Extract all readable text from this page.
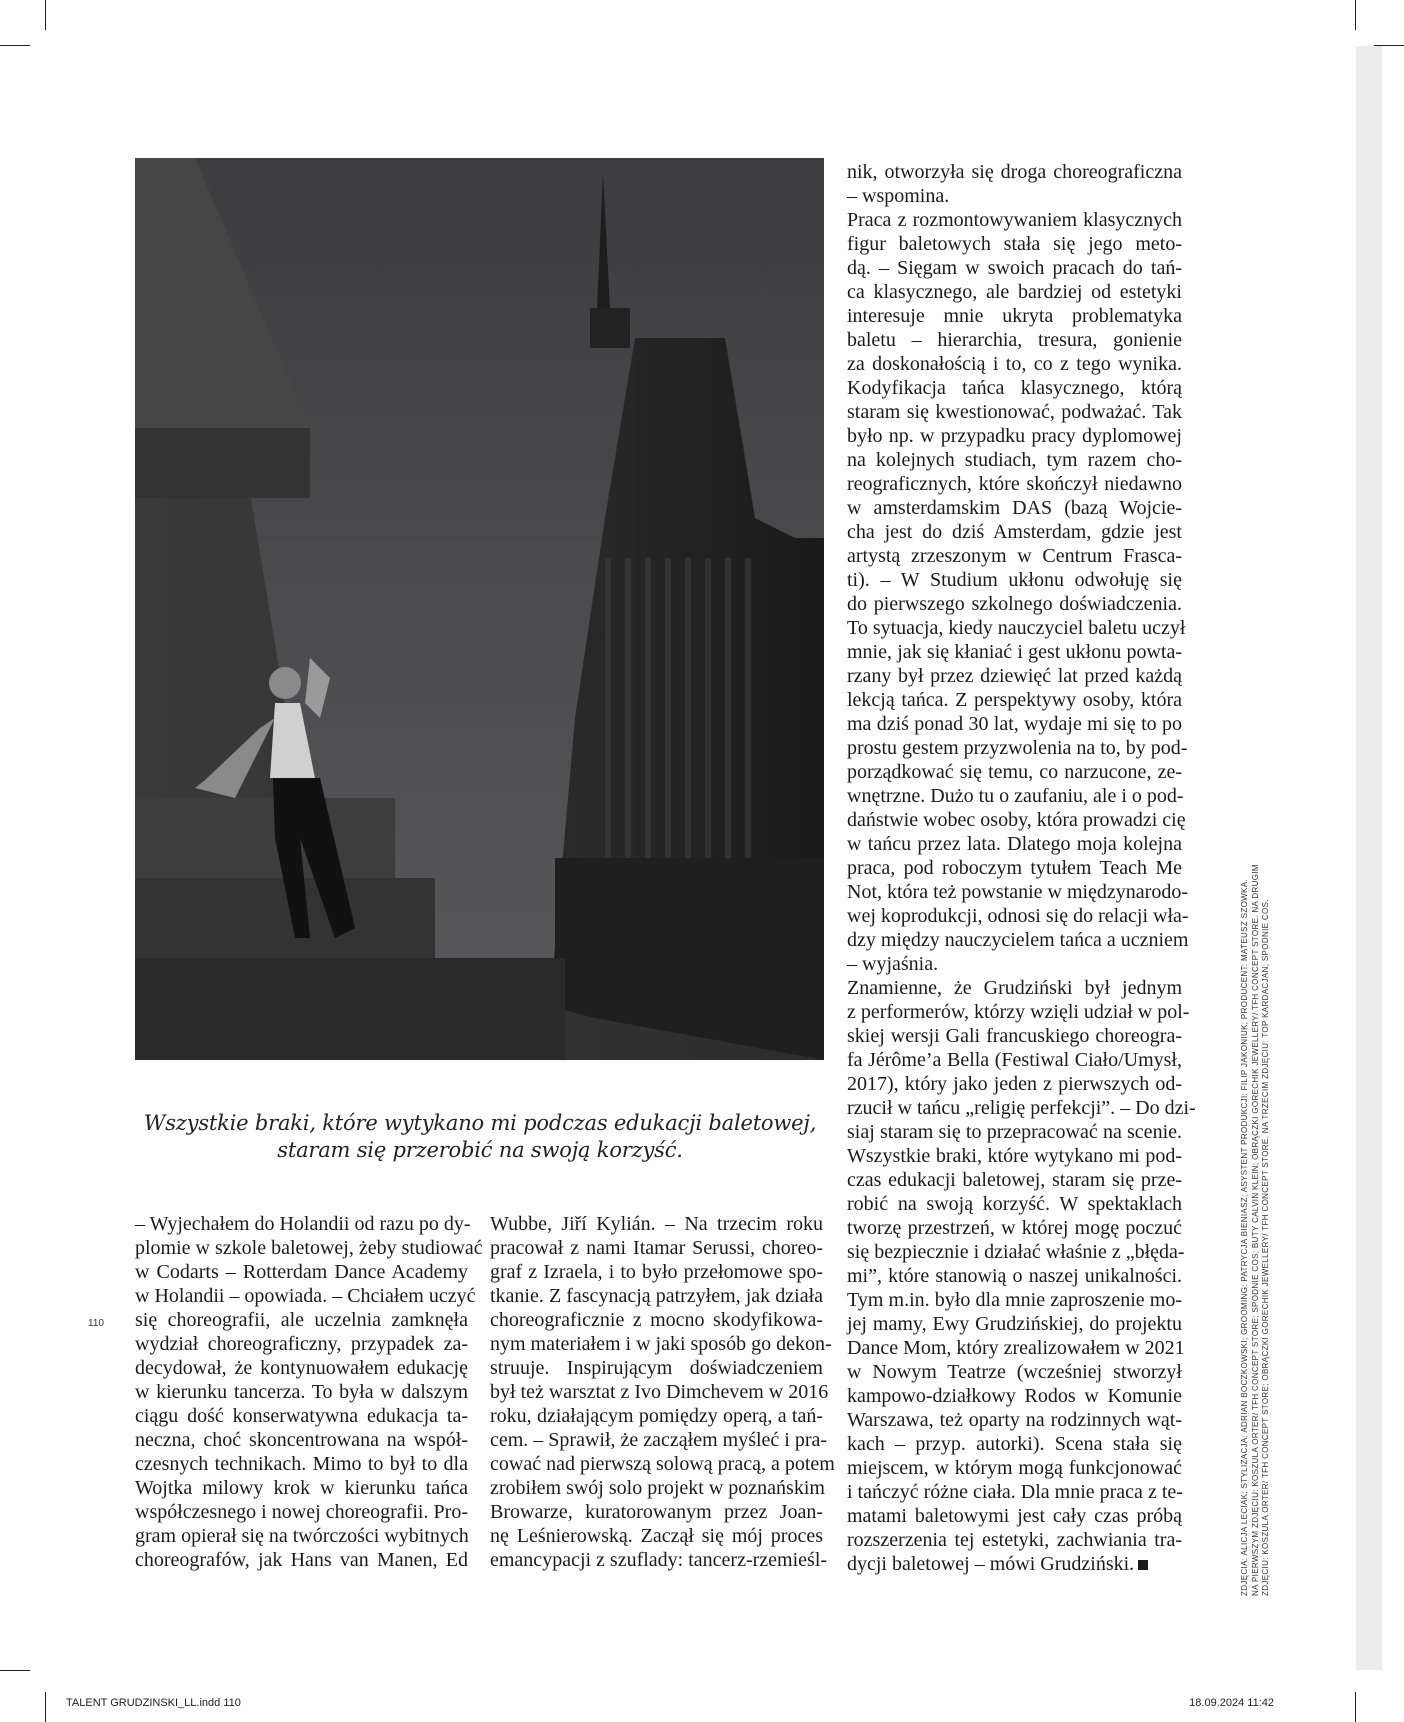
Wszystkie braki, które wytykano mi podczas edukacji baletowej,
staram się przerobić na swoją korzyść.
– Wyjechałem do Holandii od razu po dy-
plomie w szkole baletowej, żeby studiować
w Codarts – Rotterdam Dance Academy
w Holandii – opowiada. – Chciałem uczyć
się choreografii, ale uczelnia zamknęła
wydział choreograficzny, przypadek za-
decydował, że kontynuowałem edukację
w kierunku tancerza. To była w dalszym
ciągu dość konserwatywna edukacja ta-
neczna, choć skoncentrowana na współ-
czesnych technikach. Mimo to był to dla
Wojtka milowy krok w kierunku tańca
współczesnego i nowej choreografii. Pro-
gram opierał się na twórczości wybitnych
choreografów, jak Hans van Manen, Ed
Wubbe, Jiří Kylián. – Na trzecim roku
pracował z nami Itamar Serussi, choreo-
graf z Izraela, i to było przełomowe spo-
tkanie. Z fascynacją patrzyłem, jak działa
choreograficznie z mocno skodyfikowa-
nym materiałem i w jaki sposób go dekon-
struuje. Inspirującym doświadczeniem
był też warsztat z Ivo Dimchevem w 2016
roku, działającym pomiędzy operą, a tań-
cem. – Sprawił, że zacząłem myśleć i pra-
cować nad pierwszą solową pracą, a potem
zrobiłem swój solo projekt w poznańskim
Browarze, kuratorowanym przez Joan-
nę Leśnierowską. Zaczął się mój proces
emancypacji z szuflady: tancerz-rzemieśl-
nik, otworzyła się droga choreograficzna
– wspomina.
Praca z rozmontowywaniem klasycznych
figur baletowych stała się jego meto-
dą. – Sięgam w swoich pracach do tań-
ca klasycznego, ale bardziej od estetyki
interesuje mnie ukryta problematyka
baletu – hierarchia, tresura, gonienie
za doskonałością i to, co z tego wynika.
Kodyfikacja tańca klasycznego, którą
staram się kwestionować, podważać. Tak
było np. w przypadku pracy dyplomowej
na kolejnych studiach, tym razem cho-
reograficznych, które skończył niedawno
w amsterdamskim DAS (bazą Wojcie-
cha jest do dziś Amsterdam, gdzie jest
artystą zrzeszonym w Centrum Frasca-
ti). – W Studium ukłonu odwołuję się
do pierwszego szkolnego doświadczenia.
To sytuacja, kiedy nauczyciel baletu uczył
mnie, jak się kłaniać i gest ukłonu powta-
rzany był przez dziewięć lat przed każdą
lekcją tańca. Z perspektywy osoby, która
ma dziś ponad 30 lat, wydaje mi się to po
prostu gestem przyzwolenia na to, by pod-
porządkować się temu, co narzucone, ze-
wnętrzne. Dużo tu o zaufaniu, ale i o pod-
daństwie wobec osoby, która prowadzi cię
w tańcu przez lata. Dlatego moja kolejna
praca, pod roboczym tytułem Teach Me
Not, która też powstanie w międzynarodo-
wej koprodukcji, odnosi się do relacji wła-
dzy między nauczycielem tańca a uczniem
– wyjaśnia.
Znamienne, że Grudziński był jednym
z performerów, którzy wzięli udział w pol-
skiej wersji Gali francuskiego choreogra-
fa Jérôme’a Bella (Festiwal Ciało/Umysł,
2017), który jako jeden z pierwszych od-
rzucił w tańcu „religię perfekcji”. – Do dzi-
siaj staram się to przepracować na scenie.
Wszystkie braki, które wytykano mi pod-
czas edukacji baletowej, staram się prze-
robić na swoją korzyść. W spektaklach
tworzę przestrzeń, w której mogę poczuć
się bezpiecznie i działać właśnie z „błęda-
mi”, które stanowią o naszej unikalności.
Tym m.in. było dla mnie zaproszenie mo-
jej mamy, Ewy Grudzińskiej, do projektu
Dance Mom, który zrealizowałem w 2021
w Nowym Teatrze (wcześniej stworzył
kampowo-działkowy Rodos w Komunie
Warszawa, też oparty na rodzinnych wąt-
kach – przyp. autorki). Scena stała się
miejscem, w którym mogą funkcjonować
i tańczyć różne ciała. Dla mnie praca z te-
matami baletowymi jest cały czas próbą
rozszerzenia tej estetyki, zachwiania tra-
dycji baletowej – mówi Grudziński.
110	ZDJĘCIA: ALICJA LECIAK; STYLIZACJA: ADRIAN BOCZKOWSKI; GROOMING: PATRYCJA BIENIASZ; ASYSTENT PRODUKCJI: FILIP JAKONIUK; PRODUCENT: MATEUSZ SZOWKA. NA PIERWSZYM ZDJĘCIU: KOSZULA ORTER/ TFH CONCEPT STORE; SPODNIE COS; BUTY CALVIN KLEIN; OBRĄCZKI GORECHIK JEWELLERY/ TFH CONCEPT STORE. NA DRUGIM ZDJĘCIU: KOSZULA ORTER/ TFH CONCEPT STORE; OBRĄCZKI GORECHIK JEWELLERY/ TFH CONCEPT STORE. NA TRZECIM ZDJĘCIU: TOP KARDACJAN; SPODNIE COS.
TALENT GRUDZINSKI_LL.indd 110	18.09.2024 11:42
